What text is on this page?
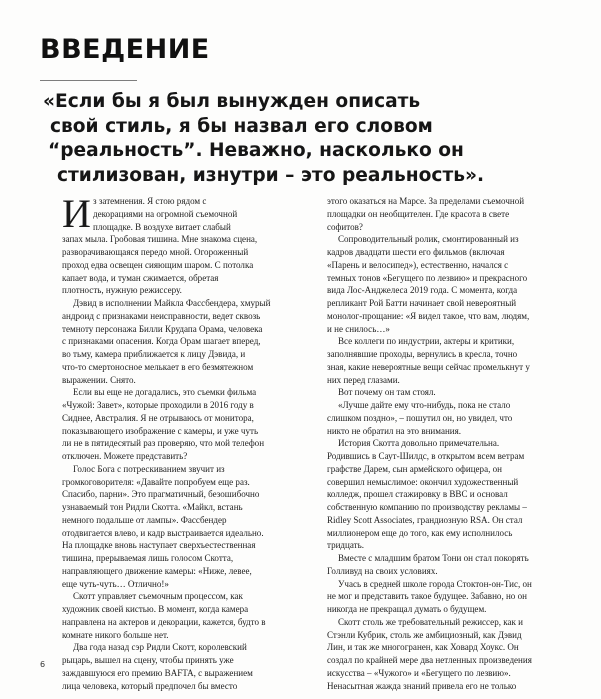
ВВЕДЕНИЕ
«Если бы я был вынужден описать
свой стиль, я бы назвал его словом
“реальность”. Неважно, насколько он
стилизован, изнутри – это реальность».
И з затемнения. Я стою рядом с
декорациями на огромной съемочной
площадке. В воздухе витает слабый
запах мыла. Гробовая тишина. Мне знакома сцена,
разворачивающаяся передо мной. Огороженный
проход едва освещен сияющим шаром. С потолка
капает вода, и туман сжимается, обретая
плотность, нужную режиссеру.
Дэвид в исполнении Майкла Фассбендера, хмурый
андроид с признаками неисправности, ведет сквозь
темноту персонажа Билли Крудапа Орама, человека
с признаками опасения. Когда Орам шагает вперед,
во тьму, камера приближается к лицу Дэвида, и
что-то смертоносное мелькает в его безмятежном
выражении. Снято.
Если вы еще не догадались, это съемки фильма
«Чужой: Завет», которые проходили в 2016 году в
Сиднее, Австралия. Я не отрываюсь от монитора,
показывающего изображение с камеры, и уже чуть
ли не в пятидесятый раз проверяю, что мой телефон
отключен. Можете представить?
Голос Бога с потрескиванием звучит из
громкоговорителя: «Давайте попробуем еще раз.
Спасибо, парни». Это прагматичный, безошибочно
узнаваемый тон Ридли Скотта. «Майкл, встань
немного подальше от лампы». Фассбендер
отодвигается влево, и кадр выстраивается идеально.
На площадке вновь наступает сверхъестественная
тишина, прерываемая лишь голосом Скотта,
направляющего движение камеры: «Ниже, левее,
еще чуть-чуть… Отлично!»
Скотт управляет съемочным процессом, как
художник своей кистью. В момент, когда камера
направлена на актеров и декорации, кажется, будто в
комнате никого больше нет.
Два года назад сэр Ридли Скотт, королевский
рыцарь, вышел на сцену, чтобы принять уже
заждавшуюся его премию BAFTA, с выражением
лица человека, который предпочел бы вместо
этого оказаться на Марсе. За пределами съемочной
площадки он необщителен. Где красота в свете
софитов?
Сопроводительный ролик, смонтированный из
кадров двадцати шести его фильмов (включая
«Парень и велосипед»), естественно, начался с
темных тонов «Бегущего по лезвию» и прекрасного
вида Лос-Анджелеса 2019 года. С момента, когда
репликант Рой Батти начинает свой невероятный
монолог-прощание: «Я видел такое, что вам, людям,
и не снилось…»
Все коллеги по индустрии, актеры и критики,
заполнявшие проходы, вернулись в кресла, точно
зная, какие невероятные вещи сейчас промелькнут у
них перед глазами.
Вот почему он там стоял.
«Лучше дайте ему что-нибудь, пока не стало
слишком поздно», – пошутил он, но увидел, что
никто не обратил на это внимания.
История Скотта довольно примечательна.
Родившись в Саут-Шилдс, в открытом всем ветрам
графстве Дарем, сын армейского офицера, он
совершил немыслимое: окончил художественный
колледж, прошел стажировку в BBC и основал
собственную компанию по производству рекламы –
Ridley Scott Associates, грандиозную RSA. Он стал
миллионером еще до того, как ему исполнилось
тридцать.
Вместе с младшим братом Тони он стал покорять
Голливуд на своих условиях.
Учась в средней школе города Стоктон-он-Тис, он
не мог и представить такое будущее. Забавно, но он
никогда не прекращал думать о будущем.
Скотт столь же требовательный режиссер, как и
Стэнли Кубрик, столь же амбициозный, как Дэвид
Лин, и так же многогранен, как Ховард Хоукс. Он
создал по крайней мере два нетленных произведения
искусства – «Чужого» и «Бегущего по лезвию».
Ненасытная жажда знаний привела его не только
6
